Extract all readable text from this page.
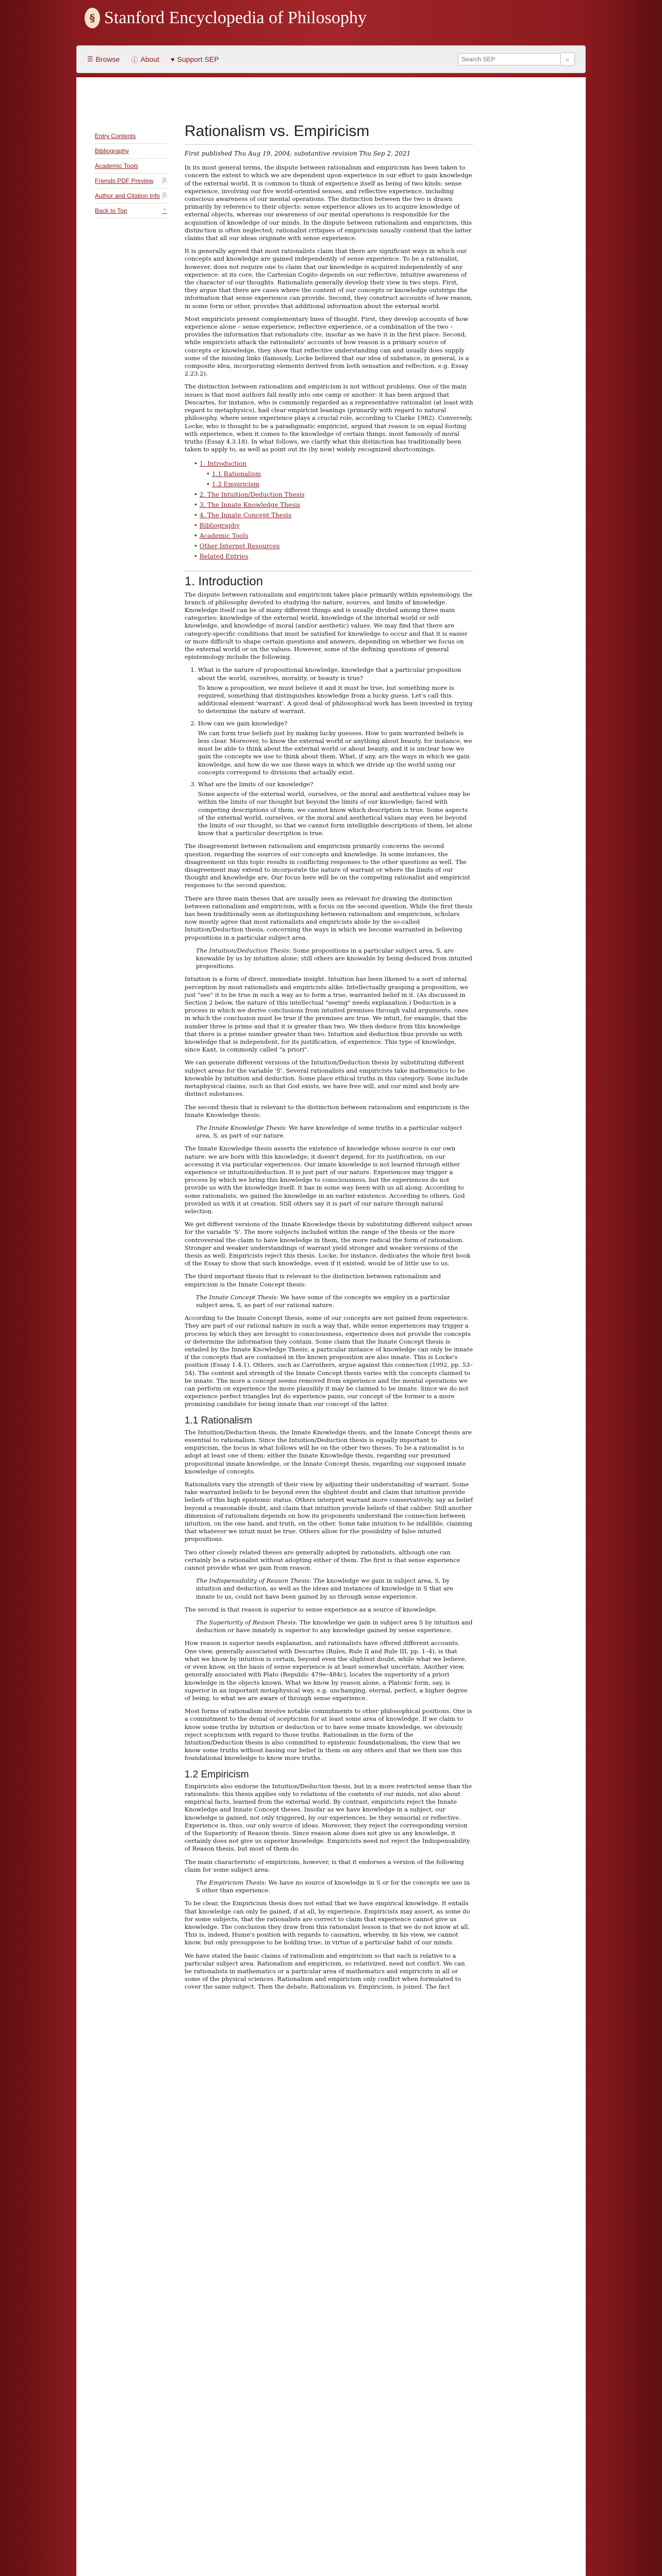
§ Stanford Encyclopedia of Philosophy
☰ Browse ⓘ About ♥ Support SEP
Search SEP	⌕
Entry Contents
Bibliography
Academic Tools
Friends PDF Preview ⎘
Author and Citation Info ⎘
Back to Top	⌃
Rationalism vs. Empiricism
First published Thu Aug 19, 2004; substantive revision Thu Sep 2, 2021

In its most general terms, the dispute between rationalism and empiricism has been taken to concern the extent to which we are dependent upon experience in our effort to gain knowledge of the external world. It is common to think of experience itself as being of two kinds: sense experience, involving our five world-oriented senses, and reflective experience, including conscious awareness of our mental operations. The distinction between the two is drawn primarily by reference to their objects: sense experience allows us to acquire knowledge of external objects, whereas our awareness of our mental operations is responsible for the acquisition of knowledge of our minds. In the dispute between rationalism and empiricism, this distinction is often neglected; rationalist critiques of empiricism usually contend that the latter claims that all our ideas originate with sense experience.

It is generally agreed that most rationalists claim that there are significant ways in which our concepts and knowledge are gained independently of sense experience. To be a rationalist, however, does not require one to claim that our knowledge is acquired independently of any experience: at its core, the Cartesian Cogito depends on our reflective, intuitive awareness of the character of our thoughts. Rationalists generally develop their view in two steps. First, they argue that there are cases where the content of our concepts or knowledge outstrips the information that sense experience can provide. Second, they construct accounts of how reason, in some form or other, provides that additional information about the external world.

Most empiricists present complementary lines of thought. First, they develop accounts of how experience alone – sense experience, reflective experience, or a combination of the two – provides the information that rationalists cite, insofar as we have it in the first place. Second, while empiricists attack the rationalists' accounts of how reason is a primary source of concepts or knowledge, they show that reflective understanding can and usually does supply some of the missing links (famously, Locke believed that our idea of substance, in general, is a composite idea, incorporating elements derived from both sensation and reflection, e.g. Essay 2.23.2).

The distinction between rationalism and empiricism is not without problems. One of the main issues is that most authors fall neatly into one camp or another: it has been argued that Descartes, for instance, who is commonly regarded as a representative rationalist (at least with regard to metaphysics), had clear empiricist leanings (primarily with regard to natural philosophy, where sense experience plays a crucial role, according to Clarke 1982). Conversely, Locke, who is thought to be a paradigmatic empiricist, argued that reason is on equal footing with experience, when it comes to the knowledge of certain things, most famously of moral truths (Essay 4.3.18). In what follows, we clarify what this distinction has traditionally been taken to apply to, as well as point out its (by now) widely recognized shortcomings.

• 1. Introduction
• 1.1 Rationalism
• 1.2 Empiricism
• 2. The Intuition/Deduction Thesis
• 3. The Innate Knowledge Thesis
• 4. The Innate Concept Thesis
• Bibliography
• Academic Tools
• Other Internet Resources
• Related Entries
1. Introduction

The dispute between rationalism and empiricism takes place primarily within epistemology, the branch of philosophy devoted to studying the nature, sources, and limits of knowledge. Knowledge itself can be of many different things and is usually divided among three main categories: knowledge of the external world, knowledge of the internal world or self-knowledge, and knowledge of moral (and/or aesthetic) values. We may find that there are category-specific conditions that must be satisfied for knowledge to occur and that it is easier or more difficult to shape certain questions and answers, depending on whether we focus on the external world or on the values. However, some of the defining questions of general epistemology include the following.

1. What is the nature of propositional knowledge, knowledge that a particular proposition about the world, ourselves, morality, or beauty is true?

To know a proposition, we must believe it and it must be true, but something more is required, something that distinguishes knowledge from a lucky guess. Let's call this additional element 'warrant'. A good deal of philosophical work has been invested in trying to determine the nature of warrant.

2. How can we gain knowledge?

We can form true beliefs just by making lucky guesses. How to gain warranted beliefs is less clear. Moreover, to know the external world or anything about beauty, for instance, we must be able to think about the external world or about beauty, and it is unclear how we gain the concepts we use to think about them. What, if any, are the ways in which we gain knowledge, and how do we use these ways in which we divide up the world using our concepts correspond to divisions that actually exist.

3. What are the limits of our knowledge?

Some aspects of the external world, ourselves, or the moral and aesthetical values may be within the limits of our thought but beyond the limits of our knowledge; faced with competing descriptions of them, we cannot know which description is true. Some aspects of the external world, ourselves, or the moral and aesthetical values may even be beyond the limits of our thought, so that we cannot form intelligible descriptions of them, let alone know that a particular description is true.

The disagreement between rationalism and empiricism primarily concerns the second question, regarding the sources of our concepts and knowledge. In some instances, the disagreement on this topic results in conflicting responses to the other questions as well. The disagreement may extend to incorporate the nature of warrant or where the limits of our thought and knowledge are. Our focus here will be on the competing rationalist and empiricist responses to the second question.

There are three main theses that are usually seen as relevant for drawing the distinction between rationalism and empiricism, with a focus on the second question. While the first thesis has been traditionally seen as distinguishing between rationalism and empiricism, scholars now mostly agree that most rationalists and empiricists abide by the so-called Intuition/Deduction thesis, concerning the ways in which we become warranted in believing propositions in a particular subject area.

The Intuition/Deduction Thesis: Some propositions in a particular subject area, S, are knowable by us by intuition alone; still others are knowable by being deduced from intuited propositions.

Intuition is a form of direct, immediate insight. Intuition has been likened to a sort of internal perception by most rationalists and empiricists alike. Intellectually grasping a proposition, we just "see" it to be true in such a way as to form a true, warranted belief in it. (As discussed in Section 2 below, the nature of this intellectual "seeing" needs explanation.) Deduction is a process in which we derive conclusions from intuited premises through valid arguments, ones in which the conclusion must be true if the premises are true. We intuit, for example, that the number three is prime and that it is greater than two. We then deduce from this knowledge that there is a prime number greater than two. Intuition and deduction thus provide us with knowledge that is independent, for its justification, of experience. This type of knowledge, since Kant, is commonly called "a priori".

We can generate different versions of the Intuition/Deduction thesis by substituting different subject areas for the variable 'S'. Several rationalists and empiricists take mathematics to be knowable by intuition and deduction. Some place ethical truths in this category. Some include metaphysical claims, such as that God exists, we have free will, and our mind and body are distinct substances.

The second thesis that is relevant to the distinction between rationalism and empiricism is the Innate Knowledge thesis:

The Innate Knowledge Thesis: We have knowledge of some truths in a particular subject area, S, as part of our nature.

The Innate Knowledge thesis asserts the existence of knowledge whose source is our own nature: we are born with this knowledge; it doesn't depend, for its justification, on our accessing it via particular experiences. Our innate knowledge is not learned through either experience or intuition/deduction. It is just part of our nature. Experiences may trigger a process by which we bring this knowledge to consciousness, but the experiences do not provide us with the knowledge itself. It has in some way been with us all along. According to some rationalists, we gained the knowledge in an earlier existence. According to others, God provided us with it at creation. Still others say it is part of our nature through natural selection.

We get different versions of the Innate Knowledge thesis by substituting different subject areas for the variable 'S'. The more subjects included within the range of the thesis or the more controversial the claim to have knowledge in them, the more radical the form of rationalism. Stronger and weaker understandings of warrant yield stronger and weaker versions of the thesis as well. Empiricists reject this thesis. Locke, for instance, dedicates the whole first book of the Essay to show that such knowledge, even if it existed, would be of little use to us.

The third important thesis that is relevant to the distinction between rationalism and empiricism is the Innate Concept thesis:

The Innate Concept Thesis: We have some of the concepts we employ in a particular subject area, S, as part of our rational nature.

According to the Innate Concept thesis, some of our concepts are not gained from experience. They are part of our rational nature in such a way that, while sense experiences may trigger a process by which they are brought to consciousness, experience does not provide the concepts or determine the information they contain. Some claim that the Innate Concept thesis is entailed by the Innate Knowledge Thesis; a particular instance of knowledge can only be innate if the concepts that are contained in the known proposition are also innate. This is Locke's position (Essay 1.4.1). Others, such as Carruthers, argue against this connection (1992, pp. 53–54). The content and strength of the Innate Concept thesis varies with the concepts claimed to be innate. The more a concept seems removed from experience and the mental operations we can perform on experience the more plausibly it may be claimed to be innate. Since we do not experience perfect triangles but do experience pains, our concept of the former is a more promising candidate for being innate than our concept of the latter.

1.1 Rationalism

The Intuition/Deduction thesis, the Innate Knowledge thesis, and the Innate Concept thesis are essential to rationalism. Since the Intuition/Deduction thesis is equally important to empiricism, the focus in what follows will be on the other two theses. To be a rationalist is to adopt at least one of them: either the Innate Knowledge thesis, regarding our presumed propositional innate knowledge, or the Innate Concept thesis, regarding our supposed innate knowledge of concepts.

Rationalists vary the strength of their view by adjusting their understanding of warrant. Some take warranted beliefs to be beyond even the slightest doubt and claim that intuition provide beliefs of this high epistemic status. Others interpret warrant more conservatively, say as belief beyond a reasonable doubt, and claim that intuition provide beliefs of that caliber. Still another dimension of rationalism depends on how its proponents understand the connection between intuition, on the one hand, and truth, on the other. Some take intuition to be infallible, claiming that whatever we intuit must be true. Others allow for the possibility of false intuited propositions.

Two other closely related theses are generally adopted by rationalists, although one can certainly be a rationalist without adopting either of them. The first is that sense experience cannot provide what we gain from reason.

The Indispensability of Reason Thesis: The knowledge we gain in subject area, S, by intuition and deduction, as well as the ideas and instances of knowledge in S that are innate to us, could not have been gained by us through sense experience.

The second is that reason is superior to sense experience as a source of knowledge.

The Superiority of Reason Thesis: The knowledge we gain in subject area S by intuition and deduction or have innately is superior to any knowledge gained by sense experience.

How reason is superior needs explanation, and rationalists have offered different accounts. One view, generally associated with Descartes (Rules, Rule II and Rule III, pp. 1–4), is that what we know by intuition is certain, beyond even the slightest doubt, while what we believe, or even know, on the basis of sense experience is at least somewhat uncertain. Another view, generally associated with Plato (Republic 479e–484c), locates the superiority of a priori knowledge in the objects known. What we know by reason alone, a Platonic form, say, is superior in an important metaphysical way, e.g. unchanging, eternal, perfect, a higher degree of being, to what we are aware of through sense experience.

Most forms of rationalism involve notable commitments to other philosophical positions. One is a commitment to the denial of scepticism for at least some area of knowledge. If we claim to know some truths by intuition or deduction or to have some innate knowledge, we obviously reject scepticism with regard to those truths. Rationalism in the form of the Intuition/Deduction thesis is also committed to epistemic foundationalism, the view that we know some truths without basing our belief in them on any others and that we then use this foundational knowledge to know more truths.

1.2 Empiricism

Empiricists also endorse the Intuition/Deduction thesis, but in a more restricted sense than the rationalists: this thesis applies only to relations of the contents of our minds, not also about empirical facts, learned from the external world. By contrast, empiricists reject the Innate Knowledge and Innate Concept theses. Insofar as we have knowledge in a subject, our knowledge is gained, not only triggered, by our experiences, be they sensorial or reflective. Experience is, thus, our only source of ideas. Moreover, they reject the corresponding version of the Superiority of Reason thesis. Since reason alone does not give us any knowledge, it certainly does not give us superior knowledge. Empiricists need not reject the Indispensability of Reason thesis, but most of them do.

The main characteristic of empiricism, however, is that it endorses a version of the following claim for some subject area:

The Empiricism Thesis: We have no source of knowledge in S or for the concepts we use in S other than experience.

To be clear, the Empiricism thesis does not entail that we have empirical knowledge. It entails that knowledge can only be gained, if at all, by experience. Empiricists may assert, as some do for some subjects, that the rationalists are correct to claim that experience cannot give us knowledge. The conclusion they draw from this rationalist lesson is that we do not know at all. This is, indeed, Hume's position with regards to causation, whereby, in his view, we cannot know, but only presuppose to be holding true, in virtue of a particular habit of our minds.

We have stated the basic claims of rationalism and empiricism so that each is relative to a particular subject area. Rationalism and empiricism, so relativized, need not conflict. We can be rationalists in mathematics or a particular area of mathematics and empiricists in all or some of the physical sciences. Rationalism and empiricism only conflict when formulated to cover the same subject. Then the debate, Rationalism vs. Empiricism, is joined. The fact
